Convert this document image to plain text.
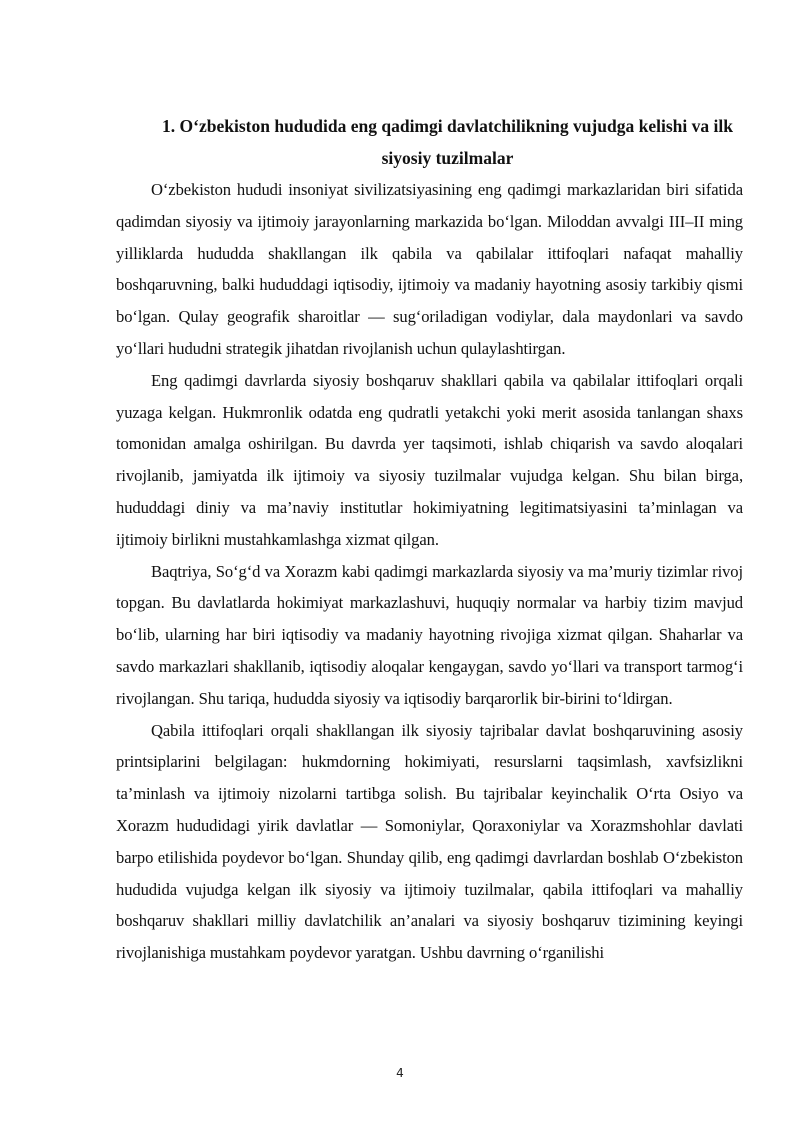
1. O‘zbekiston hududida eng qadimgi davlatchilikning vujudga kelishi va ilk siyosiy tuzilmalar

O‘zbekiston hududi insoniyat sivilizatsiyasining eng qadimgi markazlaridan biri sifatida qadimdan siyosiy va ijtimoiy jarayonlarning markazida bo‘lgan. Miloddan avvalgi III–II ming yilliklarda hududda shakllangan ilk qabila va qabilalar ittifoqlari nafaqat mahalliy boshqaruvning, balki hududdagi iqtisodiy, ijtimoiy va madaniy hayotning asosiy tarkibiy qismi bo‘lgan. Qulay geografik sharoitlar — sug‘oriladigan vodiylar, dala maydonlari va savdo yo‘llari hududni strategik jihatdan rivojlanish uchun qulaylashtirgan.

Eng qadimgi davrlarda siyosiy boshqaruv shakllari qabila va qabilalar ittifoqlari orqali yuzaga kelgan. Hukmronlik odatda eng qudratli yetakchi yoki merit asosida tanlangan shaxs tomonidan amalga oshirilgan. Bu davrda yer taqsimoti, ishlab chiqarish va savdo aloqalari rivojlanib, jamiyatda ilk ijtimoiy va siyosiy tuzilmalar vujudga kelgan. Shu bilan birga, hududdagi diniy va ma’naviy institutlar hokimiyatning legitimatsiyasini ta’minlagan va ijtimoiy birlikni mustahkamlashga xizmat qilgan.

Baqtriya, So‘g‘d va Xorazm kabi qadimgi markazlarda siyosiy va ma’muriy tizimlar rivoj topgan. Bu davlatlarda hokimiyat markazlashuvi, huquqiy normalar va harbiy tizim mavjud bo‘lib, ularning har biri iqtisodiy va madaniy hayotning rivojiga xizmat qilgan. Shaharlar va savdo markazlari shakllanib, iqtisodiy aloqalar kengaygan, savdo yo‘llari va transport tarmog‘i rivojlangan. Shu tariqa, hududda siyosiy va iqtisodiy barqarorlik bir-birini to‘ldirgan.

Qabila ittifoqlari orqali shakllangan ilk siyosiy tajribalar davlat boshqaruvining asosiy printsiplarini belgilagan: hukmdorning hokimiyati, resurslarni taqsimlash, xavfsizlikni ta’minlash va ijtimoiy nizolarni tartibga solish. Bu tajribalar keyinchalik O‘rta Osiyo va Xorazm hududidagi yirik davlatlar — Somoniylar, Qoraxoniylar va Xorazmshohlar davlati barpo etilishida poydevor bo‘lgan. Shunday qilib, eng qadimgi davrlardan boshlab O‘zbekiston hududida vujudga kelgan ilk siyosiy va ijtimoiy tuzilmalar, qabila ittifoqlari va mahalliy boshqaruv shakllari milliy davlatchilik an’analari va siyosiy boshqaruv tizimining keyingi rivojlanishiga mustahkam poydevor yaratgan. Ushbu davrning o‘rganilishi

4
